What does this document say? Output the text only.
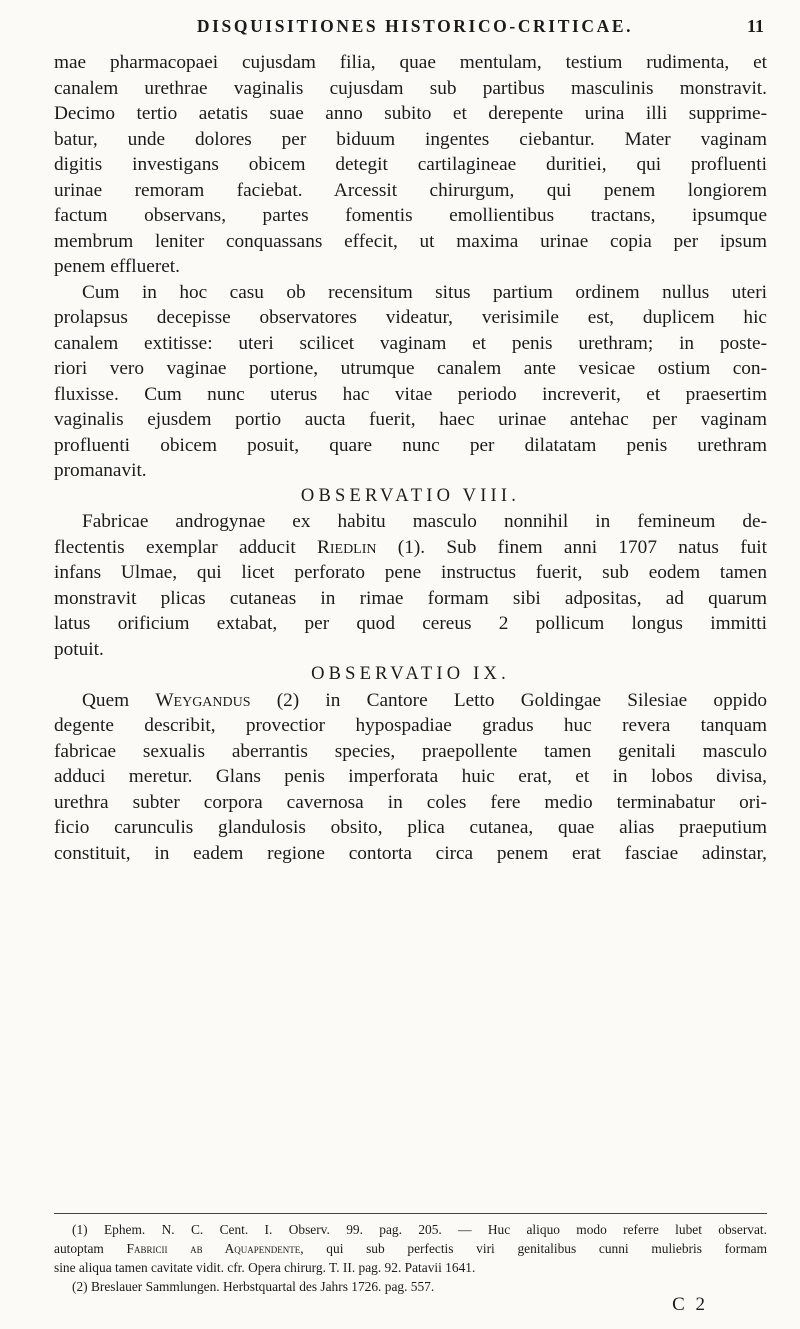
DISQUISITIONES HISTORICO-CRITICAE.	11
mae pharmacopaei cujusdam filia, quae mentulam, testium rudimenta, et
canalem urethrae vaginalis cujusdam sub partibus masculinis monstravit.
Decimo tertio aetatis suae anno subito et derepente urina illi supprime-
batur, unde dolores per biduum ingentes ciebantur. Mater vaginam
digitis investigans obicem detegit cartilagineae duritiei, qui profluenti
urinae remoram faciebat. Arcessit chirurgum, qui penem longiorem
factum observans, partes fomentis emollientibus tractans, ipsumque
membrum leniter conquassans effecit, ut maxima urinae copia per ipsum
penem efflueret.
Cum in hoc casu ob recensitum situs partium ordinem nullus uteri
prolapsus decepisse observatores videatur, verisimile est, duplicem hic
canalem extitisse: uteri scilicet vaginam et penis urethram; in poste-
riori vero vaginae portione, utrumque canalem ante vesicae ostium con-
fluxisse. Cum nunc uterus hac vitae periodo increverit, et praesertim
vaginalis ejusdem portio aucta fuerit, haec urinae antehac per vaginam
profluenti obicem posuit, quare nunc per dilatatam penis urethram
promanavit.
OBSERVATIO VIII.
Fabricae androgynae ex habitu masculo nonnihil in femineum de-
flectentis exemplar adducit Riedlin (1). Sub finem anni 1707 natus fuit
infans Ulmae, qui licet perforato pene instructus fuerit, sub eodem tamen
monstravit plicas cutaneas in rimae formam sibi adpositas, ad quarum
latus orificium extabat, per quod cereus 2 pollicum longus immitti
potuit.
OBSERVATIO IX.
Quem Weygandus (2) in Cantore Letto Goldingae Silesiae oppido
degente describit, provectior hypospadiae gradus huc revera tanquam
fabricae sexualis aberrantis species, praepollente tamen genitali masculo
adduci meretur. Glans penis imperforata huic erat, et in lobos divisa,
urethra subter corpora cavernosa in coles fere medio terminabatur ori-
ficio carunculis glandulosis obsito, plica cutanea, quae alias praeputium
constituit, in eadem regione contorta circa penem erat fasciae adinstar,
(1) Ephem. N. C. Cent. I. Observ. 99. pag. 205. — Huc aliquo modo referre lubet observat.
autoptam Fabricii ab Aquapendente, qui sub perfectis viri genitalibus cunni muliebris formam
sine aliqua tamen cavitate vidit. cfr. Opera chirurg. T. II. pag. 92. Patavii 1641.
(2) Breslauer Sammlungen. Herbstquartal des Jahrs 1726. pag. 557.
C 2
